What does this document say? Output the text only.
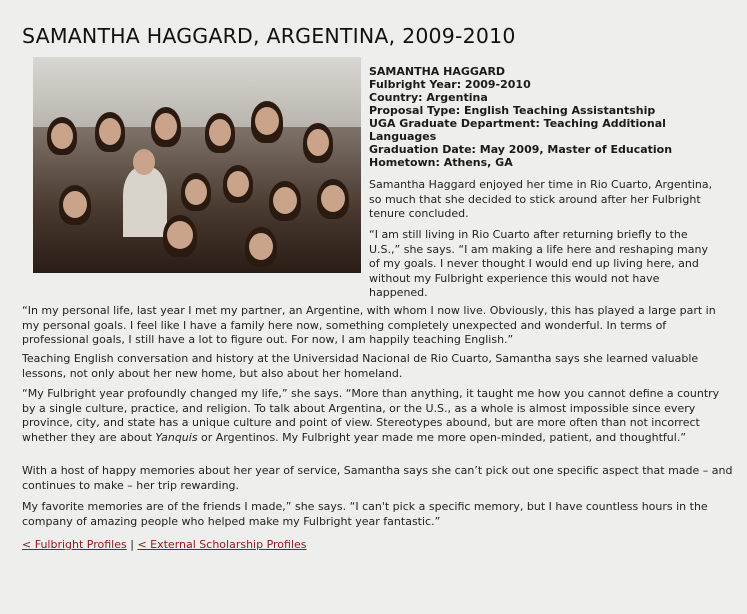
SAMANTHA HAGGARD, ARGENTINA, 2009-2010
SAMANTHA HAGGARD
Fulbright Year: 2009-2010
Country: Argentina
Proposal Type: English Teaching Assistantship
UGA Graduate Department: Teaching Additional Languages
Graduation Date: May 2009, Master of Education
Hometown: Athens, GA

Samantha Haggard enjoyed her time in Rio Cuarto, Argentina, so much that she decided to stick around after her Fulbright tenure concluded.

“I am still living in Rio Cuarto after returning briefly to the U.S.,” she says. “I am making a life here and reshaping many of my goals. I never thought I would end up living here, and without my Fulbright experience this would not have happened.

“In my personal life, last year I met my partner, an Argentine, with whom I now live. Obviously, this has played a large part in my personal goals. I feel like I have a family here now, something completely unexpected and wonderful. In terms of professional goals, I still have a lot to figure out. For now, I am happily teaching English.”

Teaching English conversation and history at the Universidad Nacional de Rio Cuarto, Samantha says she learned valuable lessons, not only about her new home, but also about her homeland.

“My Fulbright year profoundly changed my life,” she says. “More than anything, it taught me how you cannot define a country by a single culture, practice, and religion. To talk about Argentina, or the U.S., as a whole is almost impossible since every province, city, and state has a unique culture and point of view. Stereotypes abound, but are more often than not incorrect whether they are about Yanquis or Argentinos. My Fulbright year made me more open-minded, patient, and thoughtful.”

With a host of happy memories about her year of service, Samantha says she can’t pick out one specific aspect that made – and continues to make – her trip rewarding.

My favorite memories are of the friends I made,” she says. “I can't pick a specific memory, but I have countless hours in the company of amazing people who helped make my Fulbright year fantastic.”

< Fulbright Profiles | < External Scholarship Profiles
